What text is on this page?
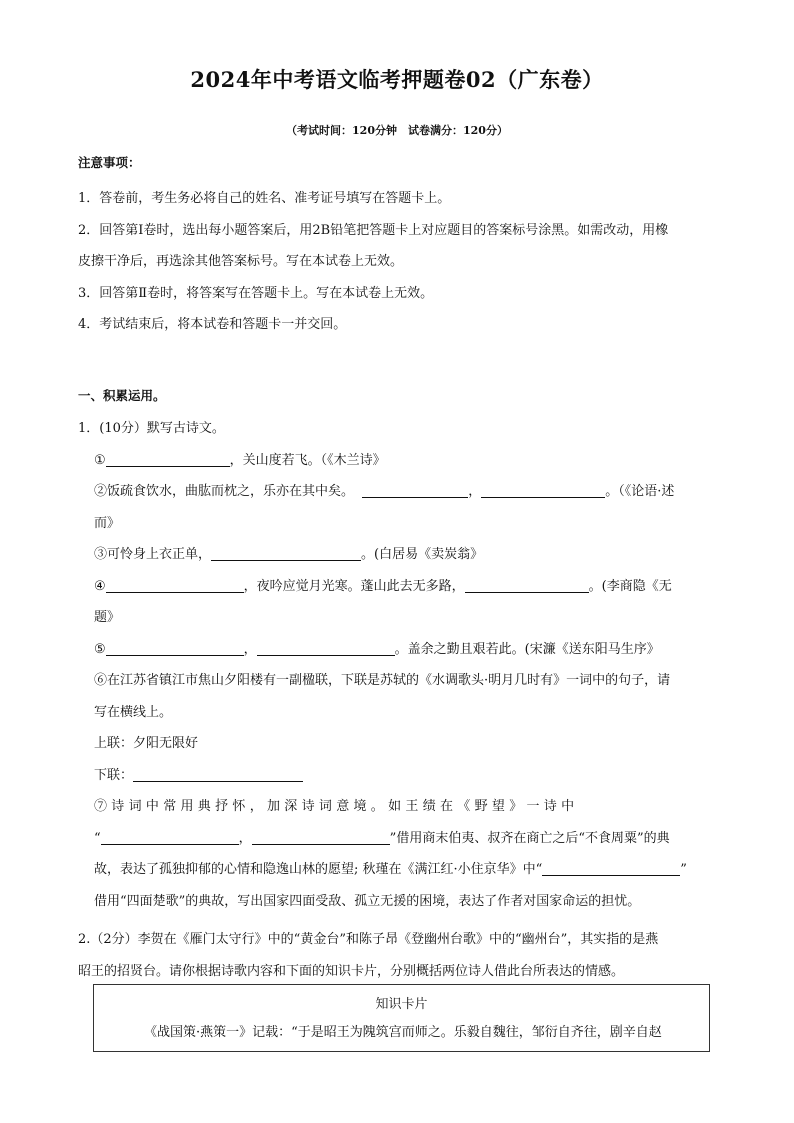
2024年中考语文临考押题卷02（广东卷）
（考试时间：120分钟　试卷满分：120分）
注意事项：
1．答卷前，考生务必将自己的姓名、准考证号填写在答题卡上。
2．回答第Ⅰ卷时，选出每小题答案后，用2B铅笔把答题卡上对应题目的答案标号涂黑。如需改动，用橡
皮擦干净后，再选涂其他答案标号。写在本试卷上无效。
3．回答第Ⅱ卷时，将答案写在答题卡上。写在本试卷上无效。
4．考试结束后，将本试卷和答题卡一并交回。
一、积累运用。
1．(10分）默写古诗文。
①	，关山度若飞。（《木兰诗》
②饭疏食饮水，曲肱而枕之，乐亦在其中矣。	，	。（《论语·述
而》
③可怜身上衣正单，	。(白居易《卖炭翁》
④	，夜吟应觉月光寒。蓬山此去无多路，	。(李商隐《无
题》
⑤	，	。盖余之勤且艰若此。(宋濂《送东阳马生序》
⑥在江苏省镇江市焦山夕阳楼有一副楹联，下联是苏轼的《水调歌头·明月几时有》一词中的句子，请
写在横线上。
上联：夕阳无限好
下联：
⑦诗词中常用典抒怀，加深诗词意境。如王绩在《野望》一诗中
“	，	”借用商末伯夷、叔齐在商亡之后“不食周粟”的典
故，表达了孤独抑郁的心情和隐逸山林的愿望; 秋瑾在《满江红·小住京华》中“	”
借用“四面楚歌”的典故，写出国家四面受敌、孤立无援的困境，表达了作者对国家命运的担忧。
2.（2分）李贺在《雁门太守行》中的“黄金台”和陈子昂《登幽州台歌》中的“幽州台”，其实指的是燕
昭王的招贤台。请你根据诗歌内容和下面的知识卡片，分别概括两位诗人借此台所表达的情感。
知识卡片
《战国策·燕策一》记载：“于是昭王为隗筑宫而师之。乐毅自魏往，邹衍自齐往，剧辛自赵
